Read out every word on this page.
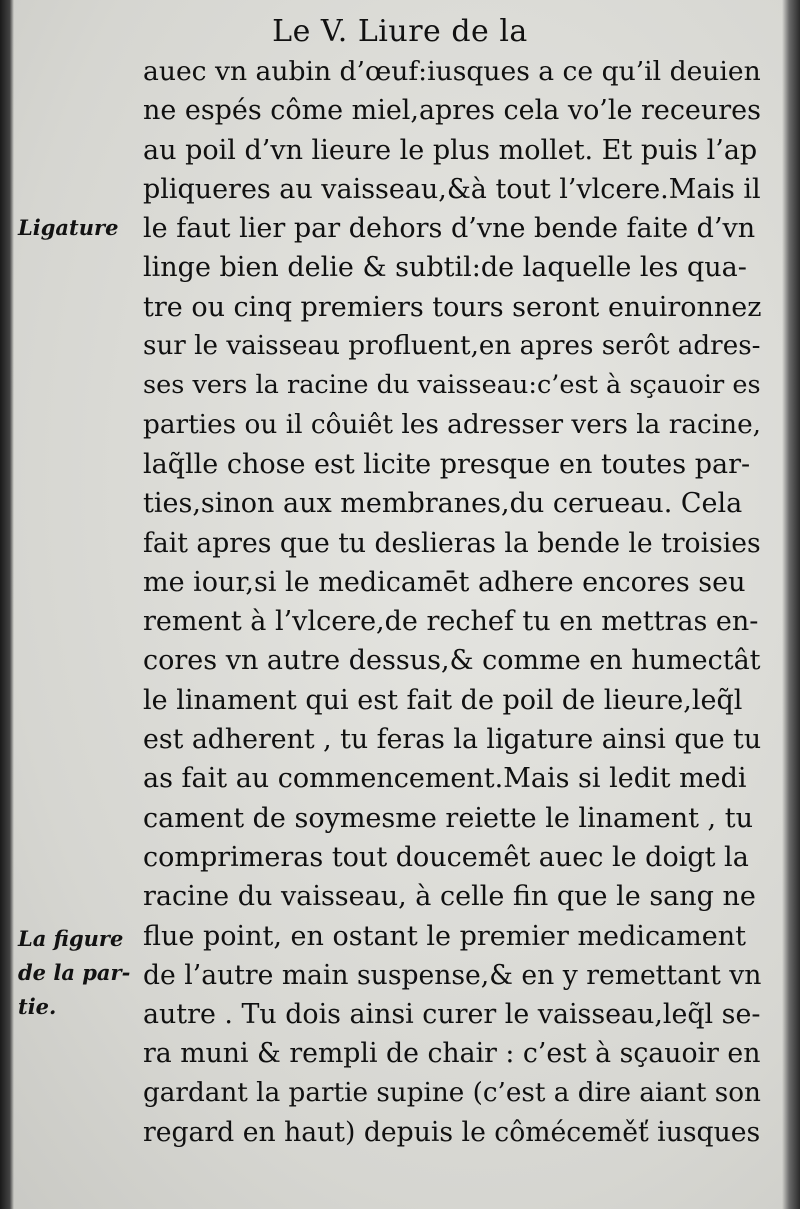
Le V. Liure de la
Ligature
La figure
de la par-
tie.
auec vn aubin d’œuf:iusques a ce qu’il deuien
ne espés côme miel,apres cela vo’le receures
au poil d’vn lieure le plus mollet. Et puis l’ap
pliqueres au vaisseau,&à tout l’vlcere.Mais il
le faut lier par dehors d’vne bende faite d’vn
linge bien delie & subtil:de laquelle les qua-
tre ou cinq premiers tours seront enuironnez
sur le vaisseau profluent,en apres serôt adres-
ses vers la racine du vaisseau:c’est à sçauoir es
parties ou il côuiêt les adresser vers la racine,
laq̃lle chose est licite presque en toutes par-
ties,sinon aux membranes,du cerueau. Cela
fait apres que tu deslieras la bende le troisies
me iour,si le medicamēt adhere encores seu
rement à l’vlcere,de rechef tu en mettras en-
cores vn autre dessus,& comme en humectât
le linament qui est fait de poil de lieure,leq̃l
est adherent , tu feras la ligature ainsi que tu
as fait au commencement.Mais si ledit medi
cament de soymesme reiette le linament , tu
comprimeras tout doucemêt auec le doigt la
racine du vaisseau, à celle fin que le sang ne
flue point, en ostant le premier medicament
de l’autre main suspense,& en y remettant vn
autre . Tu dois ainsi curer le vaisseau,leq̃l se-
ra muni & rempli de chair : c’est à sçauoir en
gardant la partie supine (c’est a dire aiant son
regard en haut) depuis le côméceměť iusques
